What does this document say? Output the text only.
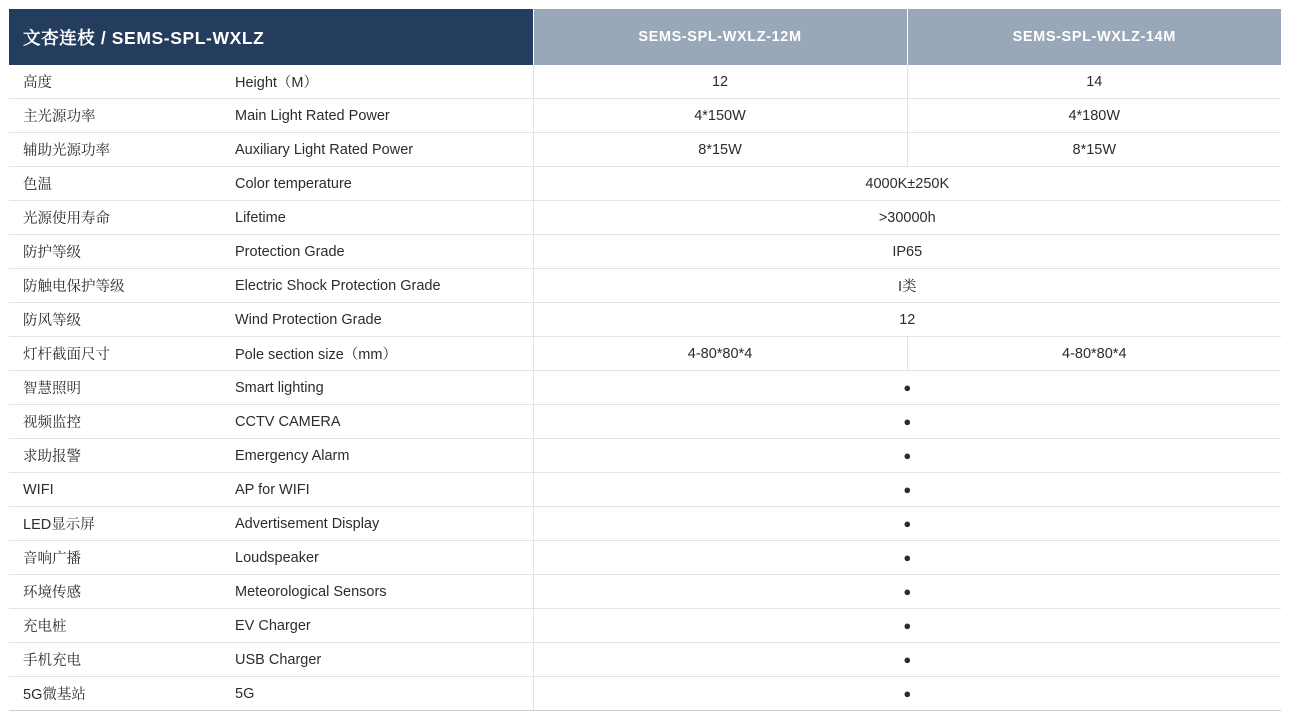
文杏连枝 / SEMS-SPL-WXLZ		SEMS-SPL-WXLZ-12M	SEMS-SPL-WXLZ-14M
高度	Height（M）	12	14
主光源功率	Main Light Rated Power	4*150W	4*180W
辅助光源功率	Auxiliary Light Rated Power	8*15W	8*15W
色温	Color temperature	4000K±250K	
光源使用寿命	Lifetime	>30000h	
防护等级	Protection Grade	IP65	
防触电保护等级	Electric Shock Protection Grade	I类	
防风等级	Wind Protection Grade	12	
灯杆截面尺寸	Pole section size（mm）	4-80*80*4	4-80*80*4
智慧照明	Smart lighting	●	
视频监控	CCTV CAMERA	●	
求助报警	Emergency Alarm	●	
WIFI	AP for WIFI	●	
LED显示屏	Advertisement Display	●	
音响广播	Loudspeaker	●	
环境传感	Meteorological Sensors	●	
充电桩	EV Charger	●	
手机充电	USB Charger	●	
5G微基站	5G	●	
